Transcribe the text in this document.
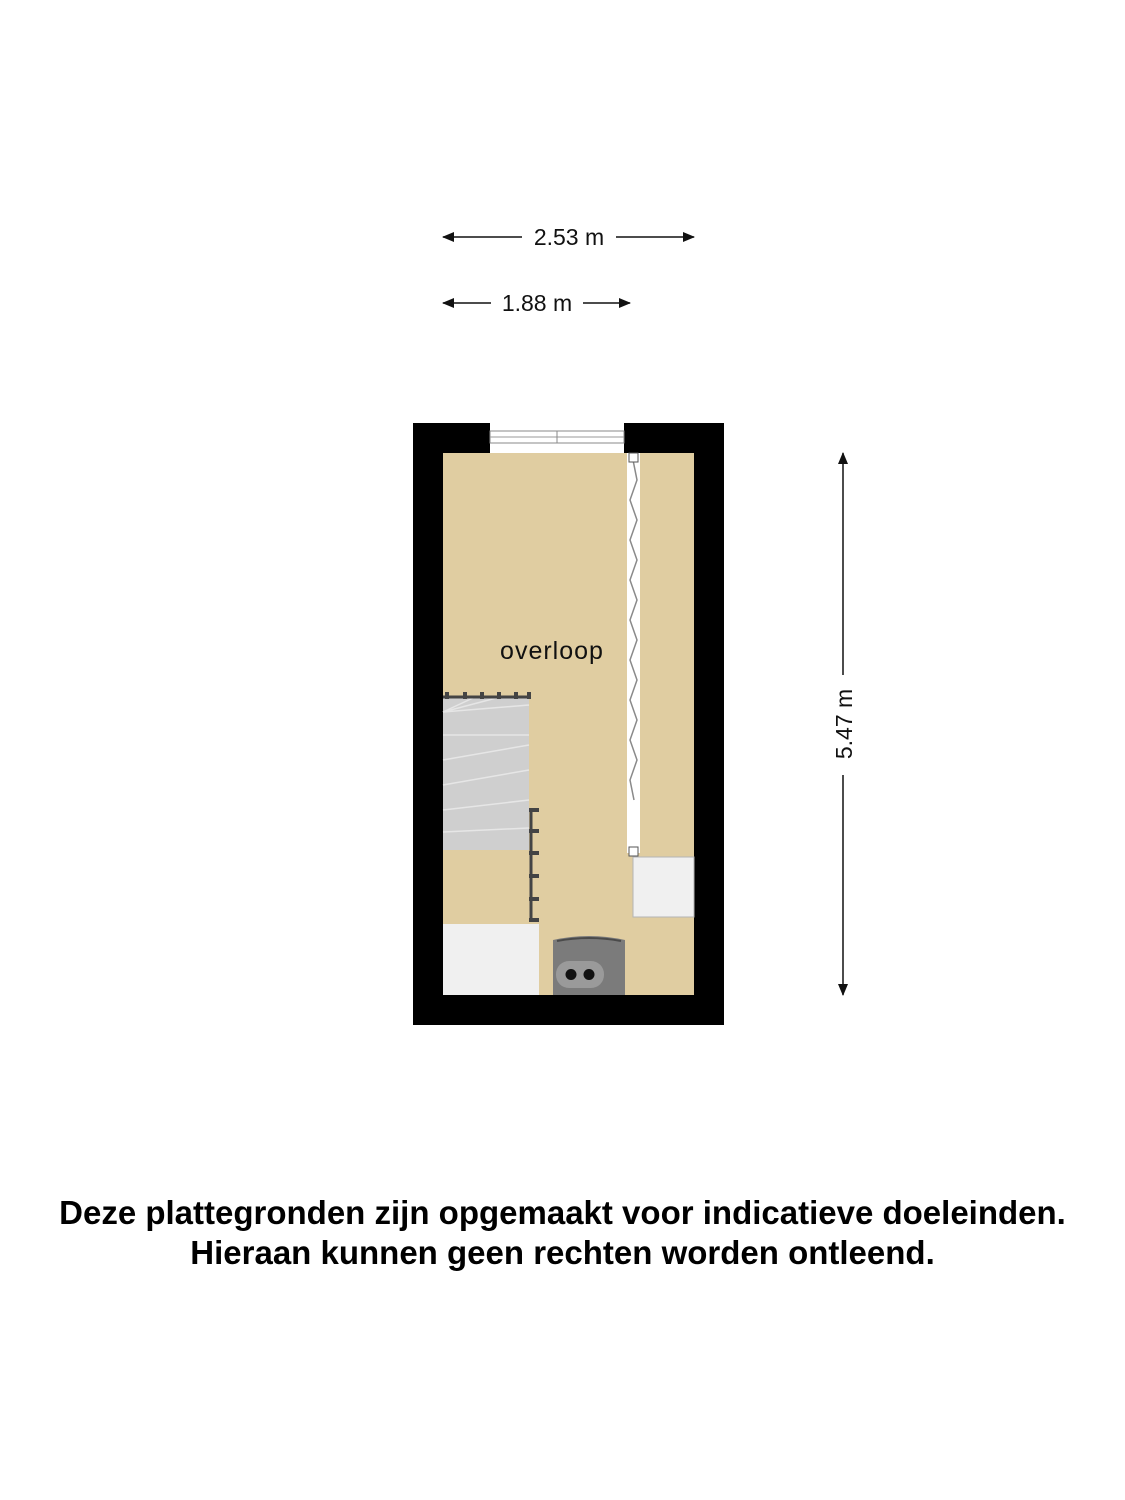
2.53 m
1.88 m
5.47 m
overloop
Deze plattegronden zijn opgemaakt voor indicatieve doeleinden.
Hieraan kunnen geen rechten worden ontleend.
